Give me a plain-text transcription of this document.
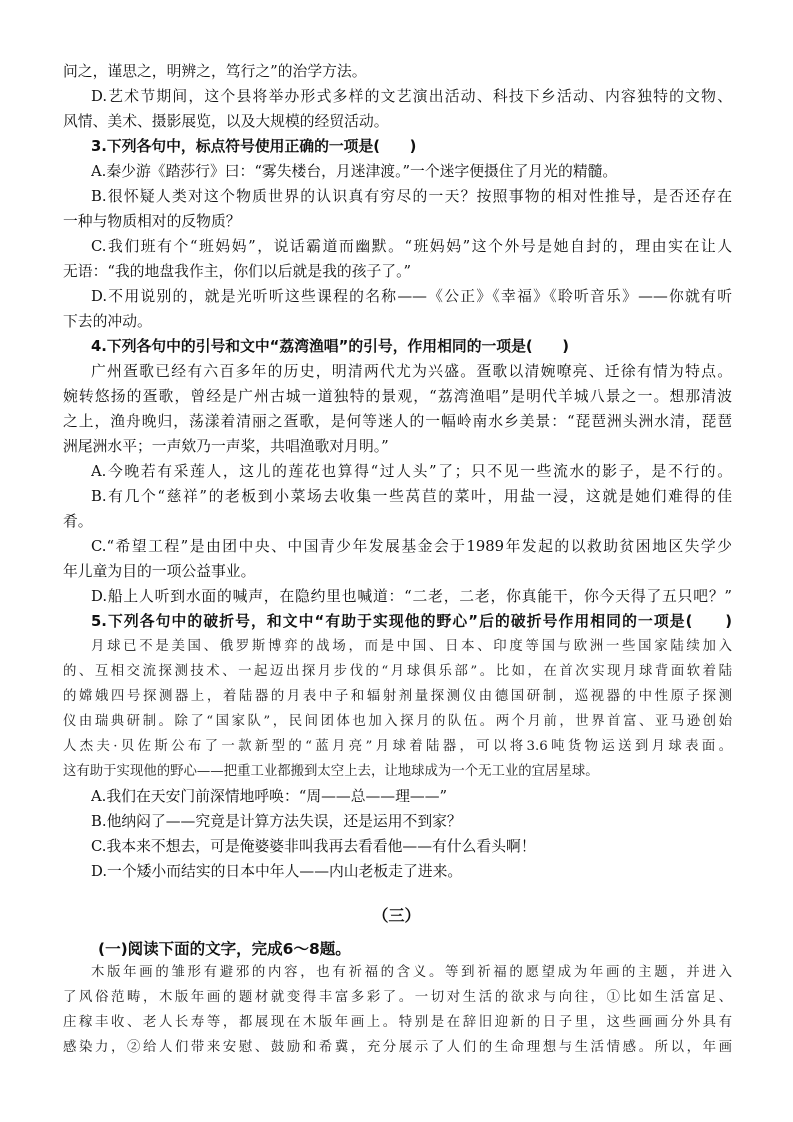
问之，谨思之，明辨之，笃行之”的治学方法。
D.艺术节期间，这个县将举办形式多样的文艺演出活动、科技下乡活动、内容独特的文物、
风情、美术、摄影展览，以及大规模的经贸活动。
3.下列各句中，标点符号使用正确的一项是(　　)
A.秦少游《踏莎行》曰：“雾失楼台，月迷津渡。”一个迷字便摄住了月光的精髓。
B.很怀疑人类对这个物质世界的认识真有穷尽的一天？按照事物的相对性推导，是否还存在
一种与物质相对的反物质？
C.我们班有个“班妈妈”，说话霸道而幽默。“班妈妈”这个外号是她自封的，理由实在让人
无语：“我的地盘我作主，你们以后就是我的孩子了。”
D.不用说别的，就是光听听这些课程的名称——《公正》《幸福》《聆听音乐》——你就有听
下去的冲动。
4.下列各句中的引号和文中“荔湾渔唱”的引号，作用相同的一项是(　　)
广州疍歌已经有六百多年的历史，明清两代尤为兴盛。疍歌以清婉嘹亮、迁徐有情为特点。
婉转悠扬的疍歌，曾经是广州古城一道独特的景观，“荔湾渔唱”是明代羊城八景之一。想那清波
之上，渔舟晚归，荡漾着清丽之疍歌，是何等迷人的一幅岭南水乡美景：“琵琶洲头洲水清，琵琶
洲尾洲水平；一声欸乃一声桨，共唱渔歌对月明。”
A.今晚若有采莲人，这儿的莲花也算得“过人头”了；只不见一些流水的影子，是不行的。
B.有几个“慈祥”的老板到小菜场去收集一些莴苣的菜叶，用盐一浸，这就是她们难得的佳
肴。
C.“希望工程”是由团中央、中国青少年发展基金会于1989年发起的以救助贫困地区失学少
年儿童为目的一项公益事业。
D.船上人听到水面的喊声，在隐约里也喊道：“二老，二老，你真能干，你今天得了五只吧？”
5.下列各句中的破折号，和文中“有助于实现他的野心”后的破折号作用相同的一项是(　　)
月球已不是美国、俄罗斯博弈的战场，而是中国、日本、印度等国与欧洲一些国家陆续加入
的、互相交流探测技术、一起迈出探月步伐的“月球俱乐部”。比如，在首次实现月球背面软着陆
的嫦娥四号探测器上，着陆器的月表中子和辐射剂量探测仪由德国研制，巡视器的中性原子探测
仪由瑞典研制。除了“国家队”，民间团体也加入探月的队伍。两个月前，世界首富、亚马逊创始
人杰夫·贝佐斯公布了一款新型的“蓝月亮”月球着陆器，可以将3.6吨货物运送到月球表面。
这有助于实现他的野心——把重工业都搬到太空上去，让地球成为一个无工业的宜居星球。
A.我们在天安门前深情地呼唤：“周——总——理——”
B.他纳闷了——究竟是计算方法失误，还是运用不到家？
C.我本来不想去，可是俺婆婆非叫我再去看看他——有什么看头啊！
D.一个矮小而结实的日本中年人——内山老板走了进来。
（三）
(一)阅读下面的文字，完成6～8题。
木版年画的雏形有避邪的内容，也有祈福的含义。等到祈福的愿望成为年画的主题，并进入
了风俗范畴，木版年画的题材就变得丰富多彩了。一切对生活的欲求与向往，①比如生活富足、
庄稼丰收、老人长寿等，都展现在木版年画上。特别是在辞旧迎新的日子里，这些画画分外具有
感染力，②给人们带来安慰、鼓励和希冀，充分展示了人们的生命理想与生活情感。所以，年画
